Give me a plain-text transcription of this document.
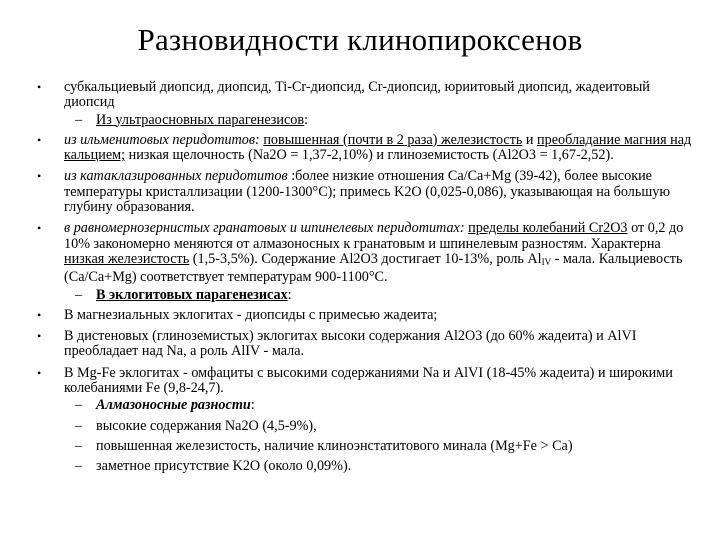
Разновидности клинопироксенов
• субкальциевый диопсид, диопсид, Ti-Cr-диопсид, Cr-диопсид, юриитовый диопсид, жадеитовый диопсид
– Из ультраосновных парагенезисов:
• из ильменитовых перидотитов: повышенная (почти в 2 раза) железистость и преобладание магния над кальцием; низкая щелочность (Na2O = 1,37-2,10%) и глиноземистость (Al2O3 = 1,67-2,52).
• из катаклазированных перидотитов :более низкие отношения Ca/Ca+Mg (39-42), более высокие температуры кристаллизации (1200-1300°C); примесь K2O (0,025-0,086), указывающая на большую глубину образования.
• в равномернозернистых гранатовых и шпинелевых перидотитах: пределы колебаний Cr2O3 от 0,2 до 10% закономерно меняются от алмазоносных к гранатовым и шпинелевым разностям. Характерна низкая железистость (1,5-3,5%). Содержание Al2O3 достигает 10-13%, роль $Al_{IV}$ - мала. Кальциевость (Ca/Ca+Mg) соответствует температурам 900-1100°C.
– В эклогитовых парагенезисах:
• В магнезиальных эклогитах - диопсиды с примесью жадеита;
• В дистеновых (глиноземистых) эклогитах высоки содержания Al2O3 (до 60% жадеита) и AlVI преобладает над Na, а роль AlIV - мала.
• В Mg-Fe эклогитах - омфациты с высокими содержаниями Na и AlVI (18-45% жадеита) и широкими колебаниями Fe (9,8-24,7).
– Алмазоносные разности:
– высокие содержания Na2O (4,5-9%),
– повышенная железистость, наличие клиноэнстатитового минала (Mg+Fe > Ca)
– заметное присутствие K2O (около 0,09%).
